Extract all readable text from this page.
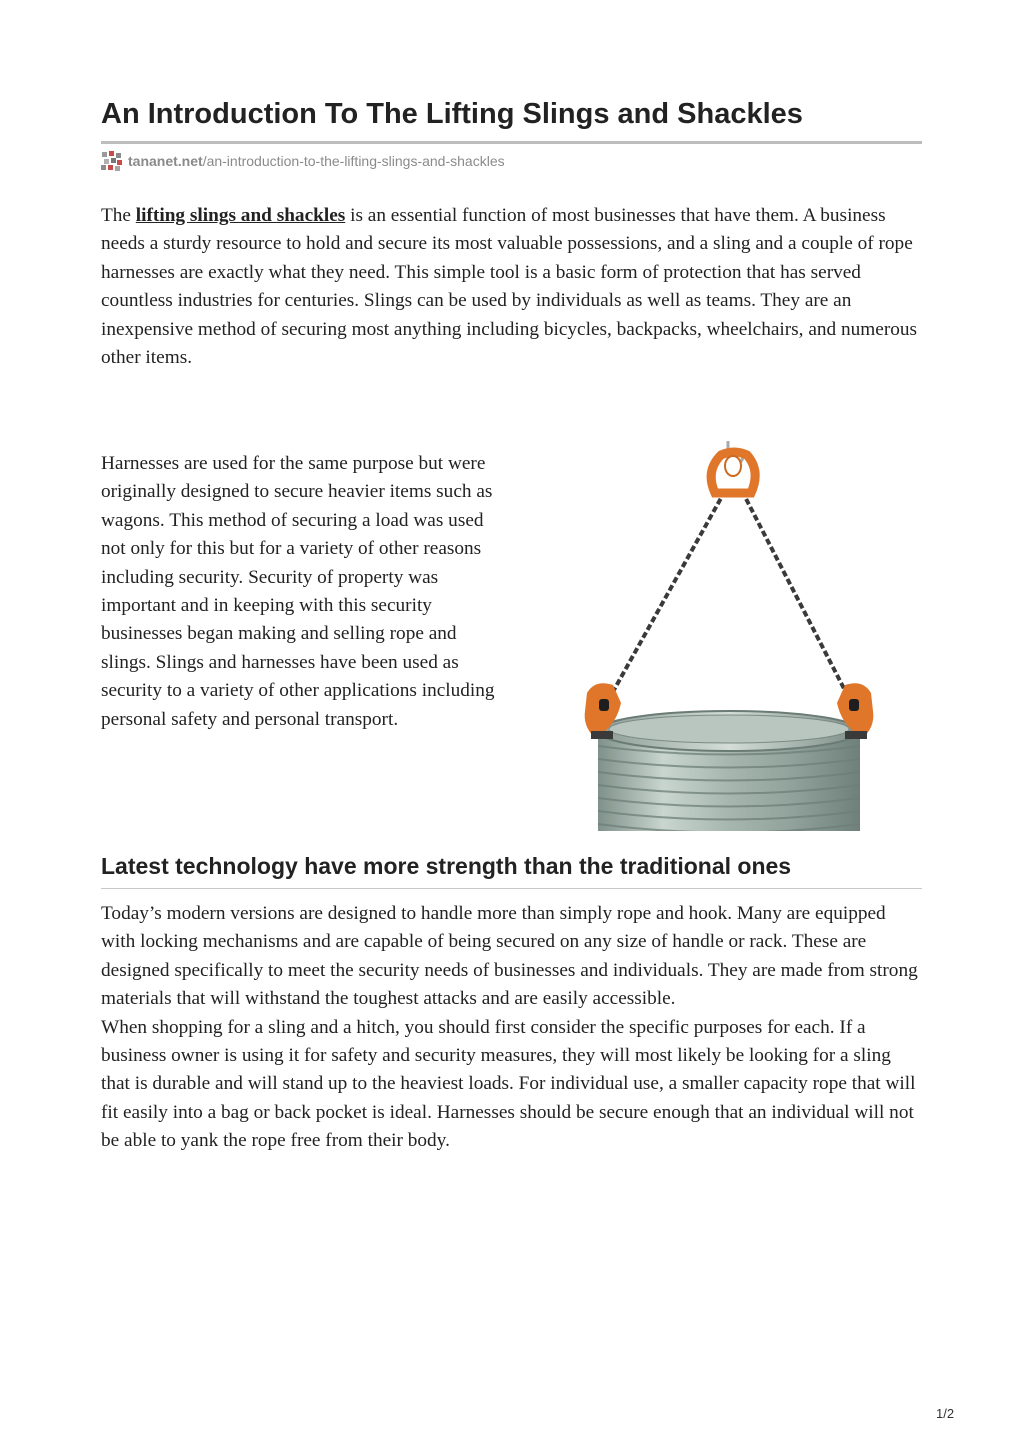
An Introduction To The Lifting Slings and Shackles
tananet.net /an-introduction-to-the-lifting-slings-and-shackles

The lifting slings and shackles is an essential function of most businesses that have them. A business needs a sturdy resource to hold and secure its most valuable possessions, and a sling and a couple of rope harnesses are exactly what they need. This simple tool is a basic form of protection that has served countless industries for centuries. Slings can be used by individuals as well as teams. They are an inexpensive method of securing most anything including bicycles, backpacks, wheelchairs, and numerous other items.

Harnesses are used for the same purpose but were originally designed to secure heavier items such as wagons. This method of securing a load was used not only for this but for a variety of other reasons including security. Security of property was important and in keeping with this security businesses began making and selling rope and slings. Slings and harnesses have been used as security to a variety of other applications including personal safety and personal transport.

Latest technology have more strength than the traditional ones

Today’s modern versions are designed to handle more than simply rope and hook. Many are equipped with locking mechanisms and are capable of being secured on any size of handle or rack. These are designed specifically to meet the security needs of businesses and individuals. They are made from strong materials that will withstand the toughest attacks and are easily accessible.

When shopping for a sling and a hitch, you should first consider the specific purposes for each. If a business owner is using it for safety and security measures, they will most likely be looking for a sling that is durable and will stand up to the heaviest loads. For individual use, a smaller capacity rope that will fit easily into a bag or back pocket is ideal. Harnesses should be secure enough that an individual will not be able to yank the rope free from their body.

1/2
